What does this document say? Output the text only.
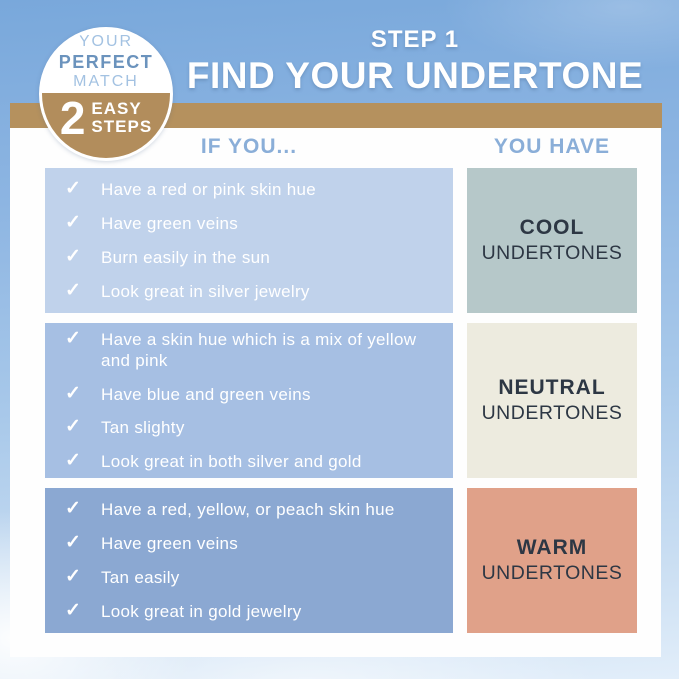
YOUR
PERFECT
MATCH
2 EASY
STEPS
STEP 1
FIND YOUR UNDERTONE
IF YOU...	YOU HAVE
✓ Have a red or pink skin hue
✓ Have green veins
✓ Burn easily in the sun
✓ Look great in silver jewelry
COOL
UNDERTONES
✓ Have a skin hue which is a mix of yellow and pink
✓ Have blue and green veins
✓ Tan slighty
✓ Look great in both silver and gold
NEUTRAL
UNDERTONES
✓ Have a red, yellow, or peach skin hue
✓ Have green veins
✓ Tan easily
✓ Look great in gold jewelry
WARM
UNDERTONES
